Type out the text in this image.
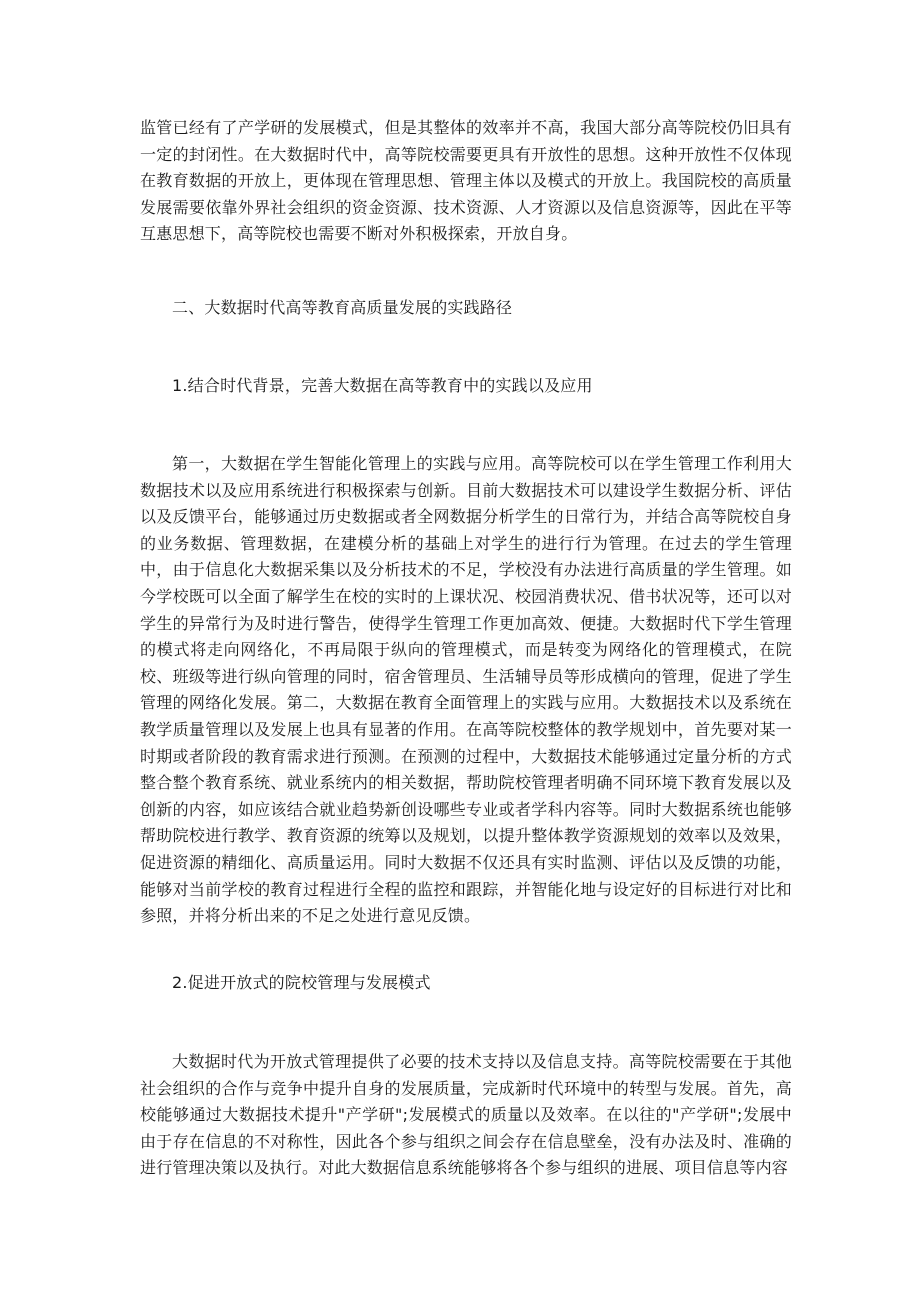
监管已经有了产学研的发展模式，但是其整体的效率并不高，我国大部分高等院校仍旧具有一定的封闭性。在大数据时代中，高等院校需要更具有开放性的思想。这种开放性不仅体现在教育数据的开放上，更体现在管理思想、管理主体以及模式的开放上。我国院校的高质量发展需要依靠外界社会组织的资金资源、技术资源、人才资源以及信息资源等，因此在平等互惠思想下，高等院校也需要不断对外积极探索，开放自身。

二、大数据时代高等教育高质量发展的实践路径

1.结合时代背景，完善大数据在高等教育中的实践以及应用

第一，大数据在学生智能化管理上的实践与应用。高等院校可以在学生管理工作利用大数据技术以及应用系统进行积极探索与创新。目前大数据技术可以建设学生数据分析、评估以及反馈平台，能够通过历史数据或者全网数据分析学生的日常行为，并结合高等院校自身的业务数据、管理数据，在建模分析的基础上对学生的进行行为管理。在过去的学生管理中，由于信息化大数据采集以及分析技术的不足，学校没有办法进行高质量的学生管理。如今学校既可以全面了解学生在校的实时的上课状况、校园消费状况、借书状况等，还可以对学生的异常行为及时进行警告，使得学生管理工作更加高效、便捷。大数据时代下学生管理的模式将走向网络化，不再局限于纵向的管理模式，而是转变为网络化的管理模式，在院校、班级等进行纵向管理的同时，宿舍管理员、生活辅导员等形成横向的管理，促进了学生管理的网络化发展。第二，大数据在教育全面管理上的实践与应用。大数据技术以及系统在教学质量管理以及发展上也具有显著的作用。在高等院校整体的教学规划中，首先要对某一时期或者阶段的教育需求进行预测。在预测的过程中，大数据技术能够通过定量分析的方式整合整个教育系统、就业系统内的相关数据，帮助院校管理者明确不同环境下教育发展以及创新的内容，如应该结合就业趋势新创设哪些专业或者学科内容等。同时大数据系统也能够帮助院校进行教学、教育资源的统筹以及规划，以提升整体教学资源规划的效率以及效果，促进资源的精细化、高质量运用。同时大数据不仅还具有实时监测、评估以及反馈的功能，能够对当前学校的教育过程进行全程的监控和跟踪，并智能化地与设定好的目标进行对比和参照，并将分析出来的不足之处进行意见反馈。

2.促进开放式的院校管理与发展模式

大数据时代为开放式管理提供了必要的技术支持以及信息支持。高等院校需要在于其他社会组织的合作与竞争中提升自身的发展质量，完成新时代环境中的转型与发展。首先，高校能够通过大数据技术提升"产学研";发展模式的质量以及效率。在以往的"产学研";发展中由于存在信息的不对称性，因此各个参与组织之间会存在信息壁垒，没有办法及时、准确的进行管理决策以及执行。对此大数据信息系统能够将各个参与组织的进展、项目信息等内容
